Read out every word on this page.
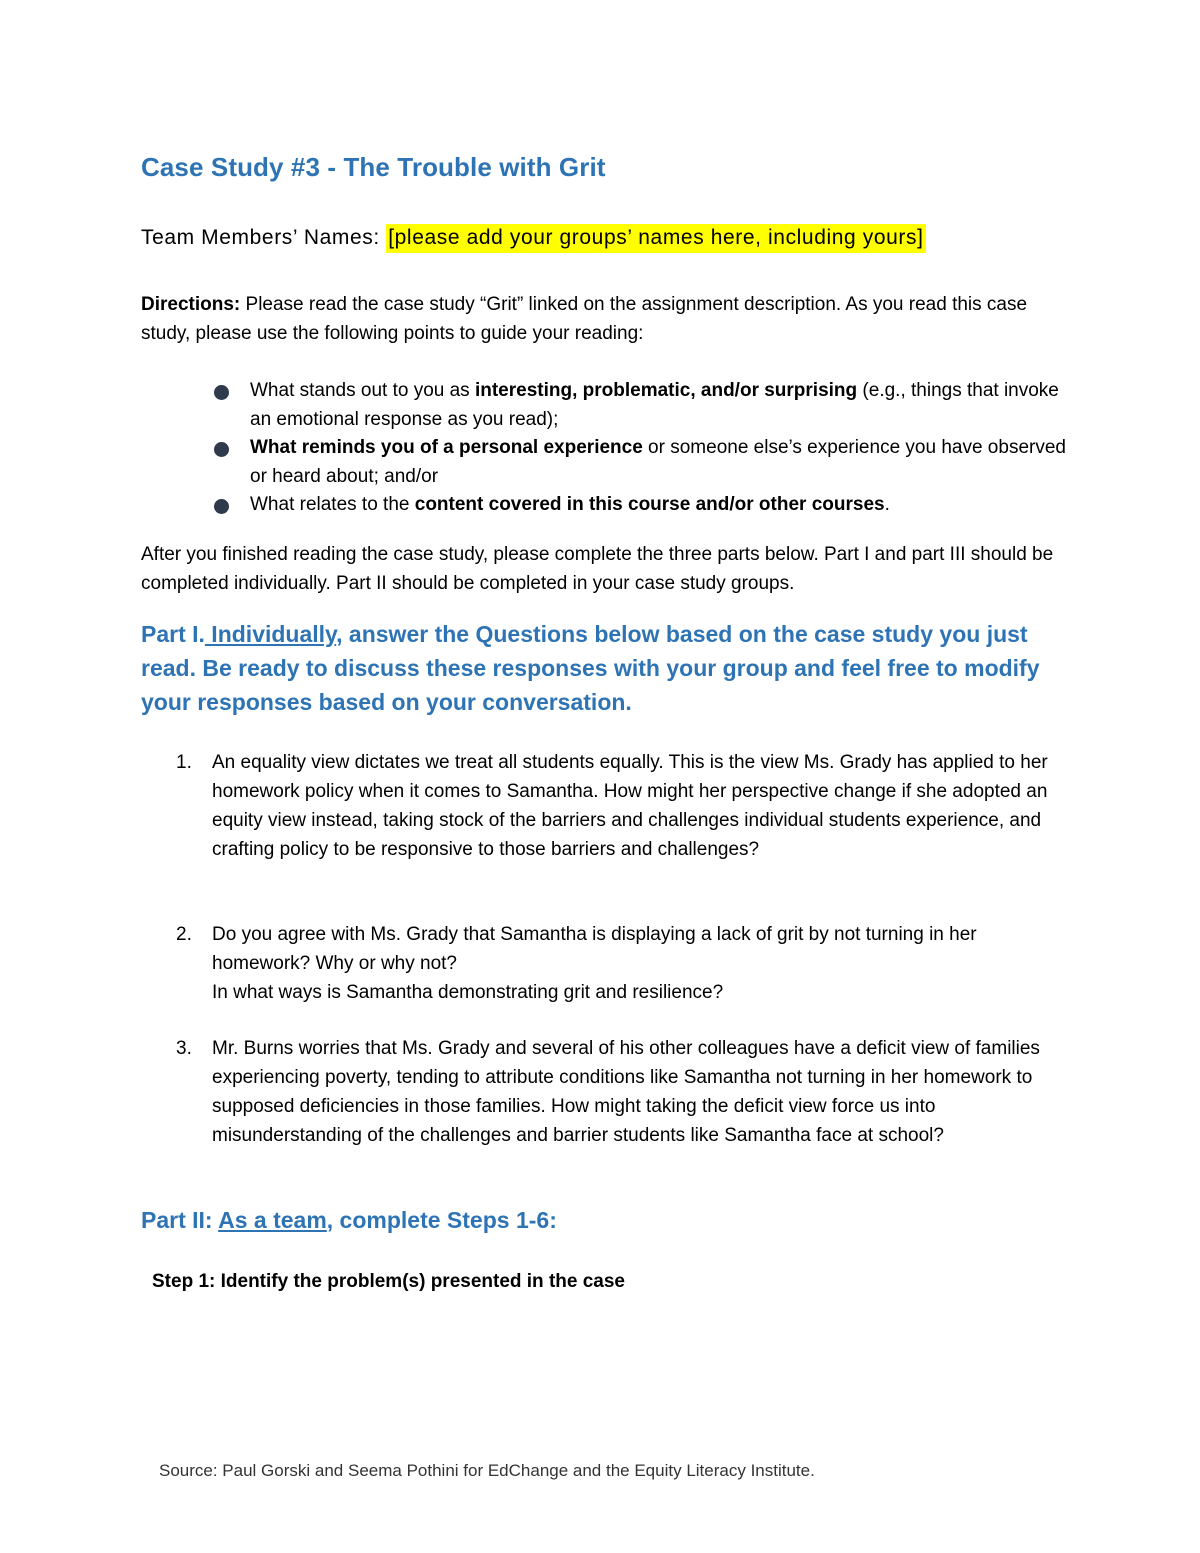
Case Study #3 - The Trouble with Grit

Team Members’ Names: [please add your groups’ names here, including yours]

Directions: Please read the case study “Grit” linked on the assignment description. As you read this case study, please use the following points to guide your reading:

What stands out to you as interesting, problematic, and/or surprising (e.g., things that invoke an emotional response as you read);
What reminds you of a personal experience or someone else’s experience you have observed or heard about; and/or
What relates to the content covered in this course and/or other courses.

After you finished reading the case study, please complete the three parts below. Part I and part III should be completed individually. Part II should be completed in your case study groups.

Part I. Individually, answer the Questions below based on the case study you just read. Be ready to discuss these responses with your group and feel free to modify your responses based on your conversation.
1.	An equality view dictates we treat all students equally. This is the view Ms. Grady has applied to her homework policy when it comes to Samantha. How might her perspective change if she adopted an equity view instead, taking stock of the barriers and challenges individual students experience, and crafting policy to be responsive to those barriers and challenges?

2.	Do you agree with Ms. Grady that Samantha is displaying a lack of grit by not turning in her homework? Why or why not?

In what ways is Samantha demonstrating grit and resilience?

3.	Mr. Burns worries that Ms. Grady and several of his other colleagues have a deficit view of families experiencing poverty, tending to attribute conditions like Samantha not turning in her homework to supposed deficiencies in those families. How might taking the deficit view force us into misunderstanding of the challenges and barrier students like Samantha face at school?

Part II: As a team, complete Steps 1-6:

Step 1: Identify the problem(s) presented in the case

Source: Paul Gorski and Seema Pothini for EdChange and the Equity Literacy Institute.
